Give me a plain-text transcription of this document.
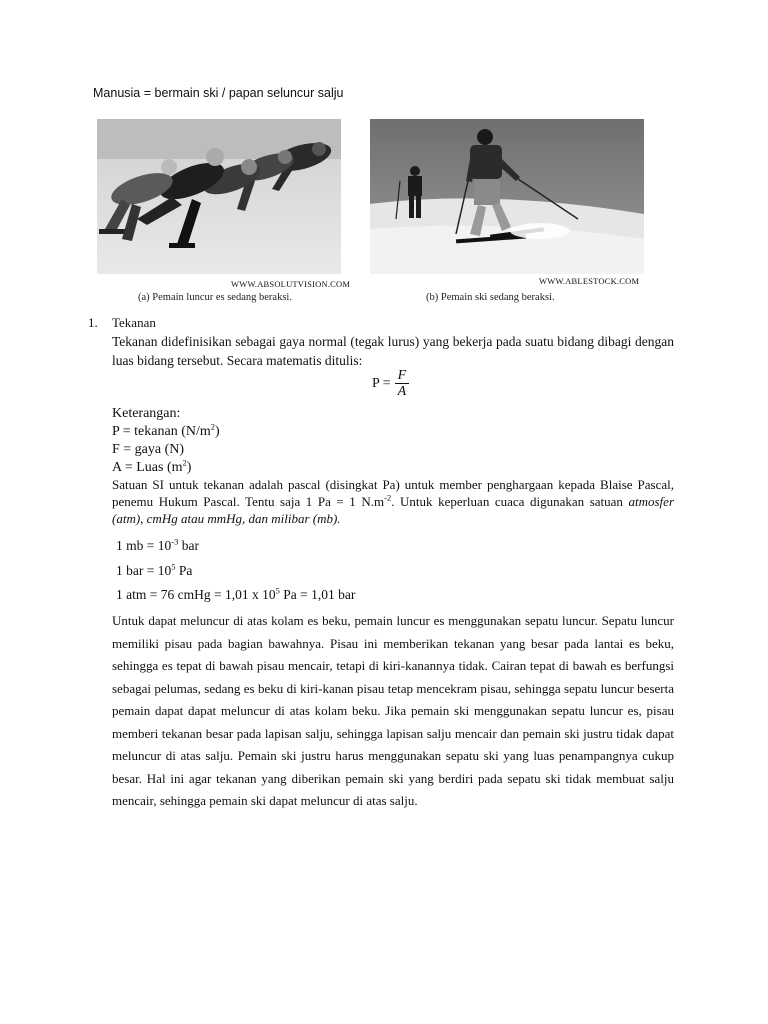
Manusia = bermain ski / papan seluncur salju
WWW.ABSOLUTVISION.COM
(a) Pemain luncur es sedang beraksi.
WWW.ABLESTOCK.COM
(b) Pemain ski sedang beraksi.
1. Tekanan
Tekanan didefinisikan sebagai gaya normal (tegak lurus) yang bekerja pada suatu bidang dibagi dengan luas bidang tersebut. Secara matematis ditulis:
$P = \frac{F}{A}$
Keterangan:
P = tekanan $(N/m^2)$
F = gaya (N)
A = Luas $(m^2)$
Satuan SI untuk tekanan adalah pascal (disingkat Pa) untuk member penghargaan kepada Blaise Pascal, penemu Hukum Pascal. Tentu saja 1 Pa = 1 $N.m^{-2}$. Untuk keperluan cuaca digunakan satuan atmosfer (atm), cmHg atau mmHg, dan milibar (mb).
1 mb = $10^{-3}$ bar
1 bar = $10^5$ Pa
1 atm = 76 cmHg = 1,01 x $10^5$ Pa = 1,01 bar
Untuk dapat meluncur di atas kolam es beku, pemain luncur es menggunakan sepatu luncur. Sepatu luncur memiliki pisau pada bagian bawahnya. Pisau ini memberikan tekanan yang besar pada lantai es beku, sehingga es tepat di bawah pisau mencair, tetapi di kiri-kanannya tidak. Cairan tepat di bawah es berfungsi sebagai pelumas, sedang es beku di kiri-kanan pisau tetap mencekram pisau, sehingga sepatu luncur beserta pemain dapat dapat meluncur di atas kolam beku. Jika pemain ski menggunakan sepatu luncur es, pisau memberi tekanan besar pada lapisan salju, sehingga lapisan salju mencair dan pemain ski justru tidak dapat meluncur di atas salju. Pemain ski justru harus menggunakan sepatu ski yang luas penampangnya cukup besar. Hal ini agar tekanan yang diberikan pemain ski yang berdiri pada sepatu ski tidak membuat salju mencair, sehingga pemain ski dapat meluncur di atas salju.
